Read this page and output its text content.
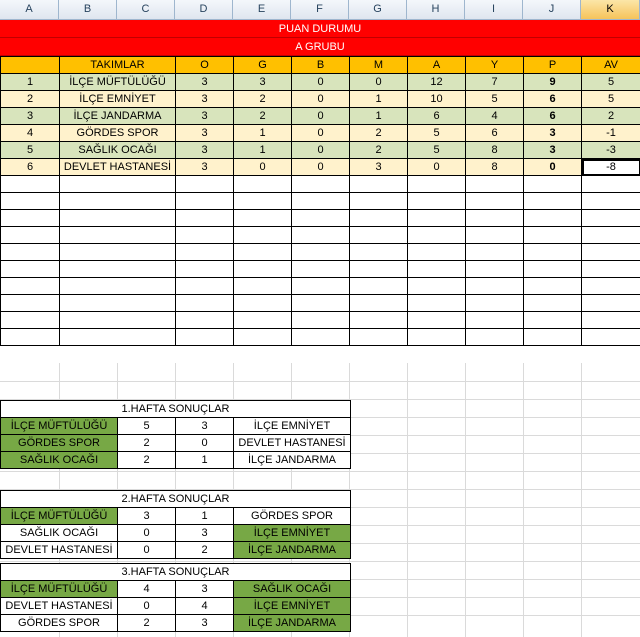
A	B	C	D	E	F	G	H	I	J	K
PUAN DURUMU
A GRUBU
	TAKIMLAR	O	G	B	M	A	Y	P	AV
1	İLÇE MÜFTÜLÜĞÜ	3	3	0	0	12	7	9	5
2	İLÇE EMNİYET	3	2	0	1	10	5	6	5
3	İLÇE JANDARMA	3	2	0	1	6	4	6	2
4	GÖRDES SPOR	3	1	0	2	5	6	3	-1
5	SAĞLIK OCAĞI	3	1	0	2	5	8	3	-3
6	DEVLET HASTANESİ	3	0	0	3	0	8	0	-8

1.HAFTA SONUÇLAR			
İLÇE MÜFTÜLÜĞÜ	5	3	İLÇE EMNİYET
GÖRDES SPOR	2	0	DEVLET HASTANESİ
SAĞLIK OCAĞI	2	1	İLÇE JANDARMA
2.HAFTA SONUÇLAR			
İLÇE MÜFTÜLÜĞÜ	3	1	GÖRDES SPOR
SAĞLIK OCAĞI	0	3	İLÇE EMNİYET
DEVLET HASTANESİ	0	2	İLÇE JANDARMA
3.HAFTA SONUÇLAR			
İLÇE MÜFTÜLÜĞÜ	4	3	SAĞLIK OCAĞI
DEVLET HASTANESİ	0	4	İLÇE EMNİYET
GÖRDES SPOR	2	3	İLÇE JANDARMA
